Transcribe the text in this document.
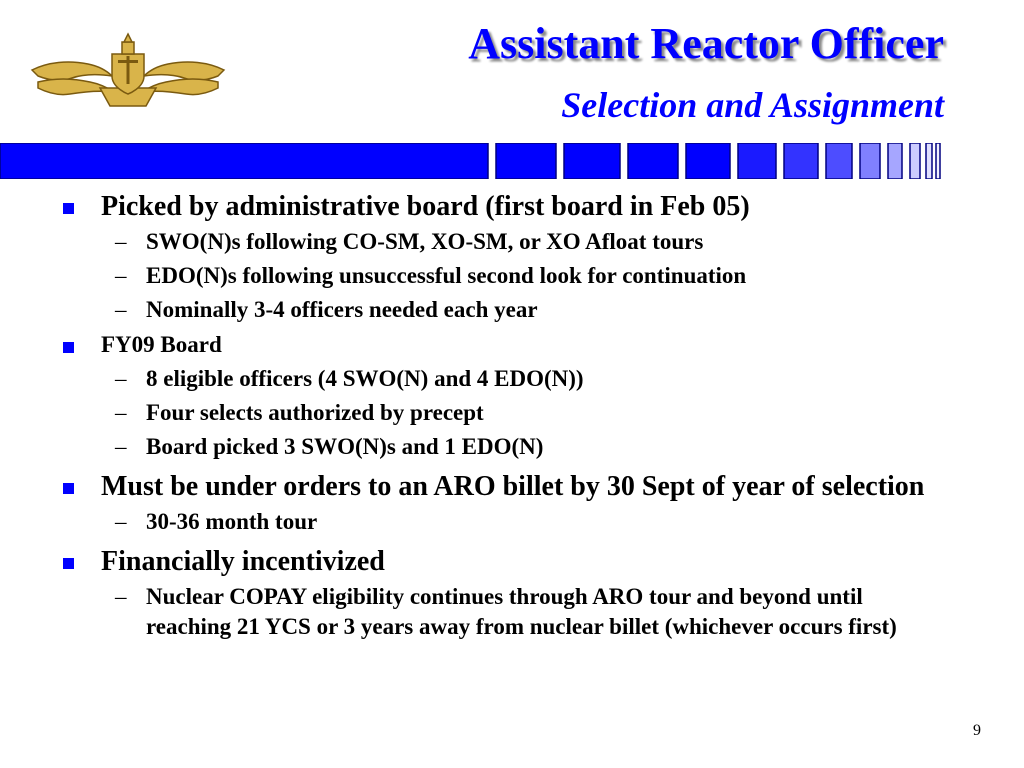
Assistant Reactor Officer
Selection and Assignment
Picked by administrative board (first board in Feb 05)
– SWO(N)s following CO-SM, XO-SM, or XO Afloat tours
– EDO(N)s following unsuccessful second look for continuation
– Nominally 3-4 officers needed each year
FY09 Board
– 8 eligible officers (4 SWO(N) and 4 EDO(N))
– Four selects authorized by precept
– Board picked 3 SWO(N)s and 1 EDO(N)
Must be under orders to an ARO billet by 30 Sept of year of selection
– 30-36 month tour
Financially incentivized
– Nuclear COPAY eligibility continues through ARO tour and beyond until reaching 21 YCS or 3 years away from nuclear billet (whichever occurs first)
9
